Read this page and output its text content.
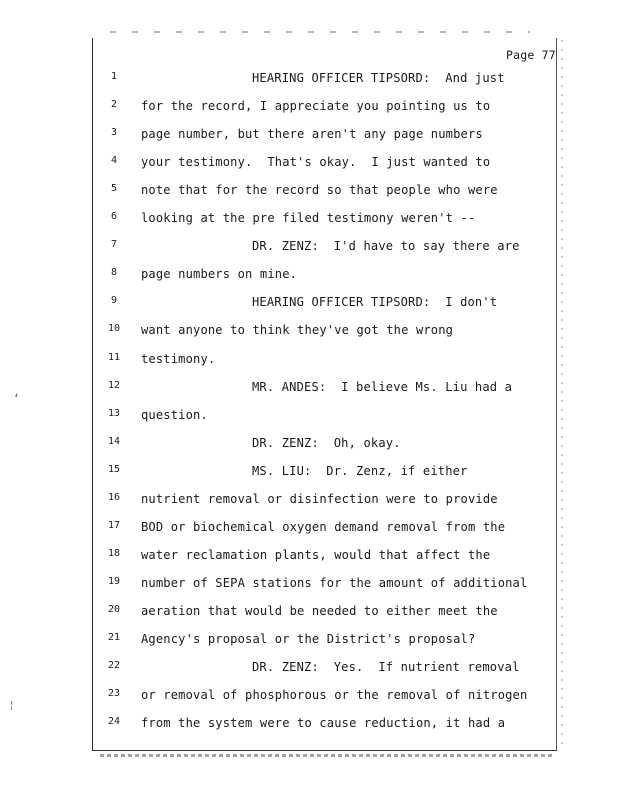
‘
¦
Page 77
1	HEARING OFFICER TIPSORD:  And just
2	for the record, I appreciate you pointing us to
3	page number, but there aren't any page numbers
4	your testimony.  That's okay.  I just wanted to
5	note that for the record so that people who were
6	looking at the pre filed testimony weren't --
7	DR. ZENZ:  I'd have to say there are
8	page numbers on mine.
9	HEARING OFFICER TIPSORD:  I don't
10	want anyone to think they've got the wrong
11	testimony.
12	MR. ANDES:  I believe Ms. Liu had a
13	question.
14	DR. ZENZ:  Oh, okay.
15	MS. LIU:  Dr. Zenz, if either
16	nutrient removal or disinfection were to provide
17	BOD or biochemical oxygen demand removal from the
18	water reclamation plants, would that affect the
19	number of SEPA stations for the amount of additional
20	aeration that would be needed to either meet the
21	Agency's proposal or the District's proposal?
22	DR. ZENZ:  Yes.  If nutrient removal
23	or removal of phosphorous or the removal of nitrogen
24	from the system were to cause reduction, it had a
